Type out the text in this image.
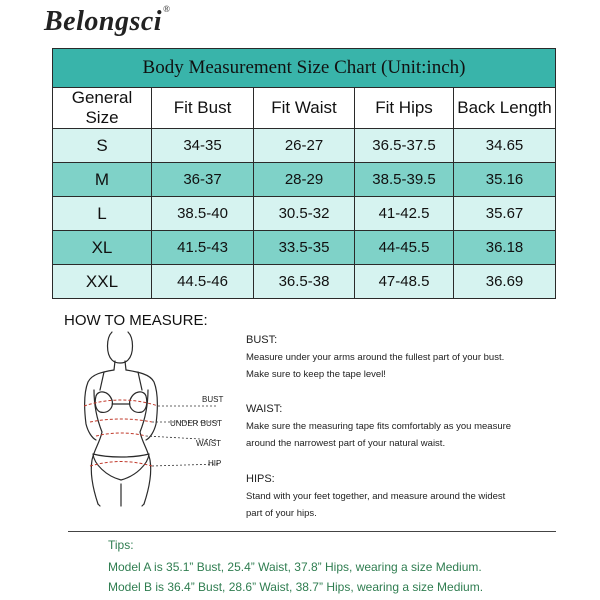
Belongsci®
Body Measurement Size Chart (Unit:inch)				
General Size	Fit Bust	Fit Waist	Fit Hips	Back Length
S	34-35	26-27	36.5-37.5	34.65
M	36-37	28-29	38.5-39.5	35.16
L	38.5-40	30.5-32	41-42.5	35.67
XL	41.5-43	33.5-35	44-45.5	36.18
XXL	44.5-46	36.5-38	47-48.5	36.69
HOW TO MEASURE:
BUST
UNDER BUST
WAIST
HIP
BUST:
Measure under your arms around the fullest part of your bust.
Make sure to keep the tape level!
WAIST:
Make sure the measuring tape fits comfortably as you measure
around the narrowest part of your natural waist.
HIPS:
Stand with your feet together, and measure around the widest
part of your hips.
Tips:
Model A is 35.1” Bust, 25.4” Waist, 37.8” Hips, wearing a size Medium.
Model B is 36.4” Bust, 28.6” Waist, 38.7” Hips, wearing a size Medium.
